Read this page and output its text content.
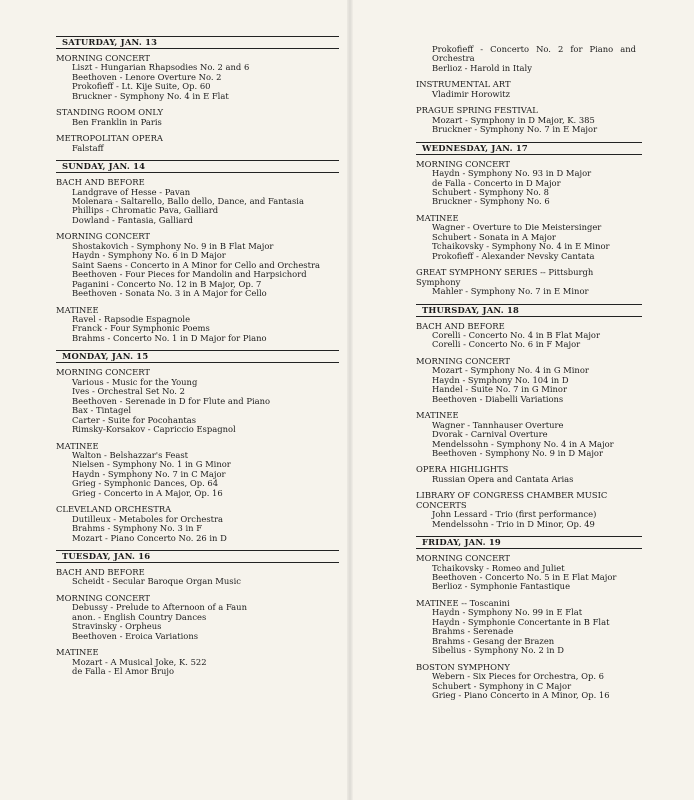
SATURDAY, JAN. 13
MORNING CONCERT
Liszt - Hungarian Rhapsodies No. 2 and 6
Beethoven - Lenore Overture No. 2
Prokofieff - Lt. Kije Suite, Op. 60
Bruckner - Symphony No. 4 in E Flat
STANDING ROOM ONLY
Ben Franklin in Paris
METROPOLITAN OPERA
Falstaff
SUNDAY, JAN. 14
BACH AND BEFORE
Landgrave of Hesse - Pavan
Molenara - Saltarello, Ballo dello, Dance, and Fantasia
Phillips - Chromatic Pava, Galliard
Dowland - Fantasia, Galliard
MORNING CONCERT
Shostakovich - Symphony No. 9 in B Flat Major
Haydn - Symphony No. 6 in D Major
Saint Saens - Concerto in A Minor for Cello and Orchestra
Beethoven - Four Pieces for Mandolin and Harpsichord
Paganini - Concerto No. 12 in B Major, Op. 7
Beethoven - Sonata No. 3 in A Major for Cello
MATINEE
Ravel - Rapsodie Espagnole
Franck - Four Symphonic Poems
Brahms - Concerto No. 1 in D Major for Piano
MONDAY, JAN. 15
MORNING CONCERT
Various - Music for the Young
Ives - Orchestral Set No. 2
Beethoven - Serenade in D for Flute and Piano
Bax - Tintagel
Carter - Suite for Pocohantas
Rimsky-Korsakov - Capriccio Espagnol
MATINEE
Walton - Belshazzar's Feast
Nielsen - Symphony No. 1 in G Minor
Haydn - Symphony No. 7 in C Major
Grieg - Symphonic Dances, Op. 64
Grieg - Concerto in A Major, Op. 16
CLEVELAND ORCHESTRA
Dutilleux - Metaboles for Orchestra
Brahms - Symphony No. 3 in F
Mozart - Piano Concerto No. 26 in D
TUESDAY, JAN. 16
BACH AND BEFORE
Scheidt - Secular Baroque Organ Music
MORNING CONCERT
Debussy - Prelude to Afternoon of a Faun
anon. - English Country Dances
Stravinsky - Orpheus
Beethoven - Eroica Variations
MATINEE
Mozart - A Musical Joke, K. 522
de Falla - El Amor Brujo
Prokofieff - Concerto No. 2 for Piano and Orchestra
Berlioz - Harold in Italy
INSTRUMENTAL ART
Vladimir Horowitz
PRAGUE SPRING FESTIVAL
Mozart - Symphony in D Major, K. 385
Bruckner - Symphony No. 7 in E Major
WEDNESDAY, JAN. 17
MORNING CONCERT
Haydn - Symphony No. 93 in D Major
de Falla - Concerto in D Major
Schubert - Symphony No. 8
Bruckner - Symphony No. 6
MATINEE
Wagner - Overture to Die Meistersinger
Schubert - Sonata in A Major
Tchaikovsky - Symphony No. 4 in E Minor
Prokofieff - Alexander Nevsky Cantata
GREAT SYMPHONY SERIES -- Pittsburgh Symphony
Mahler - Symphony No. 7 in E Minor
THURSDAY, JAN. 18
BACH AND BEFORE
Corelli - Concerto No. 4 in B Flat Major
Corelli - Concerto No. 6 in F Major
MORNING CONCERT
Mozart - Symphony No. 4 in G Minor
Haydn - Symphony No. 104 in D
Handel - Suite No. 7 in G Minor
Beethoven - Diabelli Variations
MATINEE
Wagner - Tannhauser Overture
Dvorak - Carnival Overture
Mendelssohn - Symphony No. 4 in A Major
Beethoven - Symphony No. 9 in D Major
OPERA HIGHLIGHTS
Russian Opera and Cantata Arias
LIBRARY OF CONGRESS CHAMBER MUSIC CONCERTS
John Lessard - Trio (first performance)
Mendelssohn - Trio in D Minor, Op. 49
FRIDAY, JAN. 19
MORNING CONCERT
Tchaikovsky - Romeo and Juliet
Beethoven - Concerto No. 5 in E Flat Major
Berlioz - Symphonie Fantastique
MATINEE -- Toscanini
Haydn - Symphony No. 99 in E Flat
Haydn - Symphonie Concertante in B Flat
Brahms - Serenade
Brahms - Gesang der Brazen
Sibelius - Symphony No. 2 in D
BOSTON SYMPHONY
Webern - Six Pieces for Orchestra, Op. 6
Schubert - Symphony in C Major
Grieg - Piano Concerto in A Minor, Op. 16
